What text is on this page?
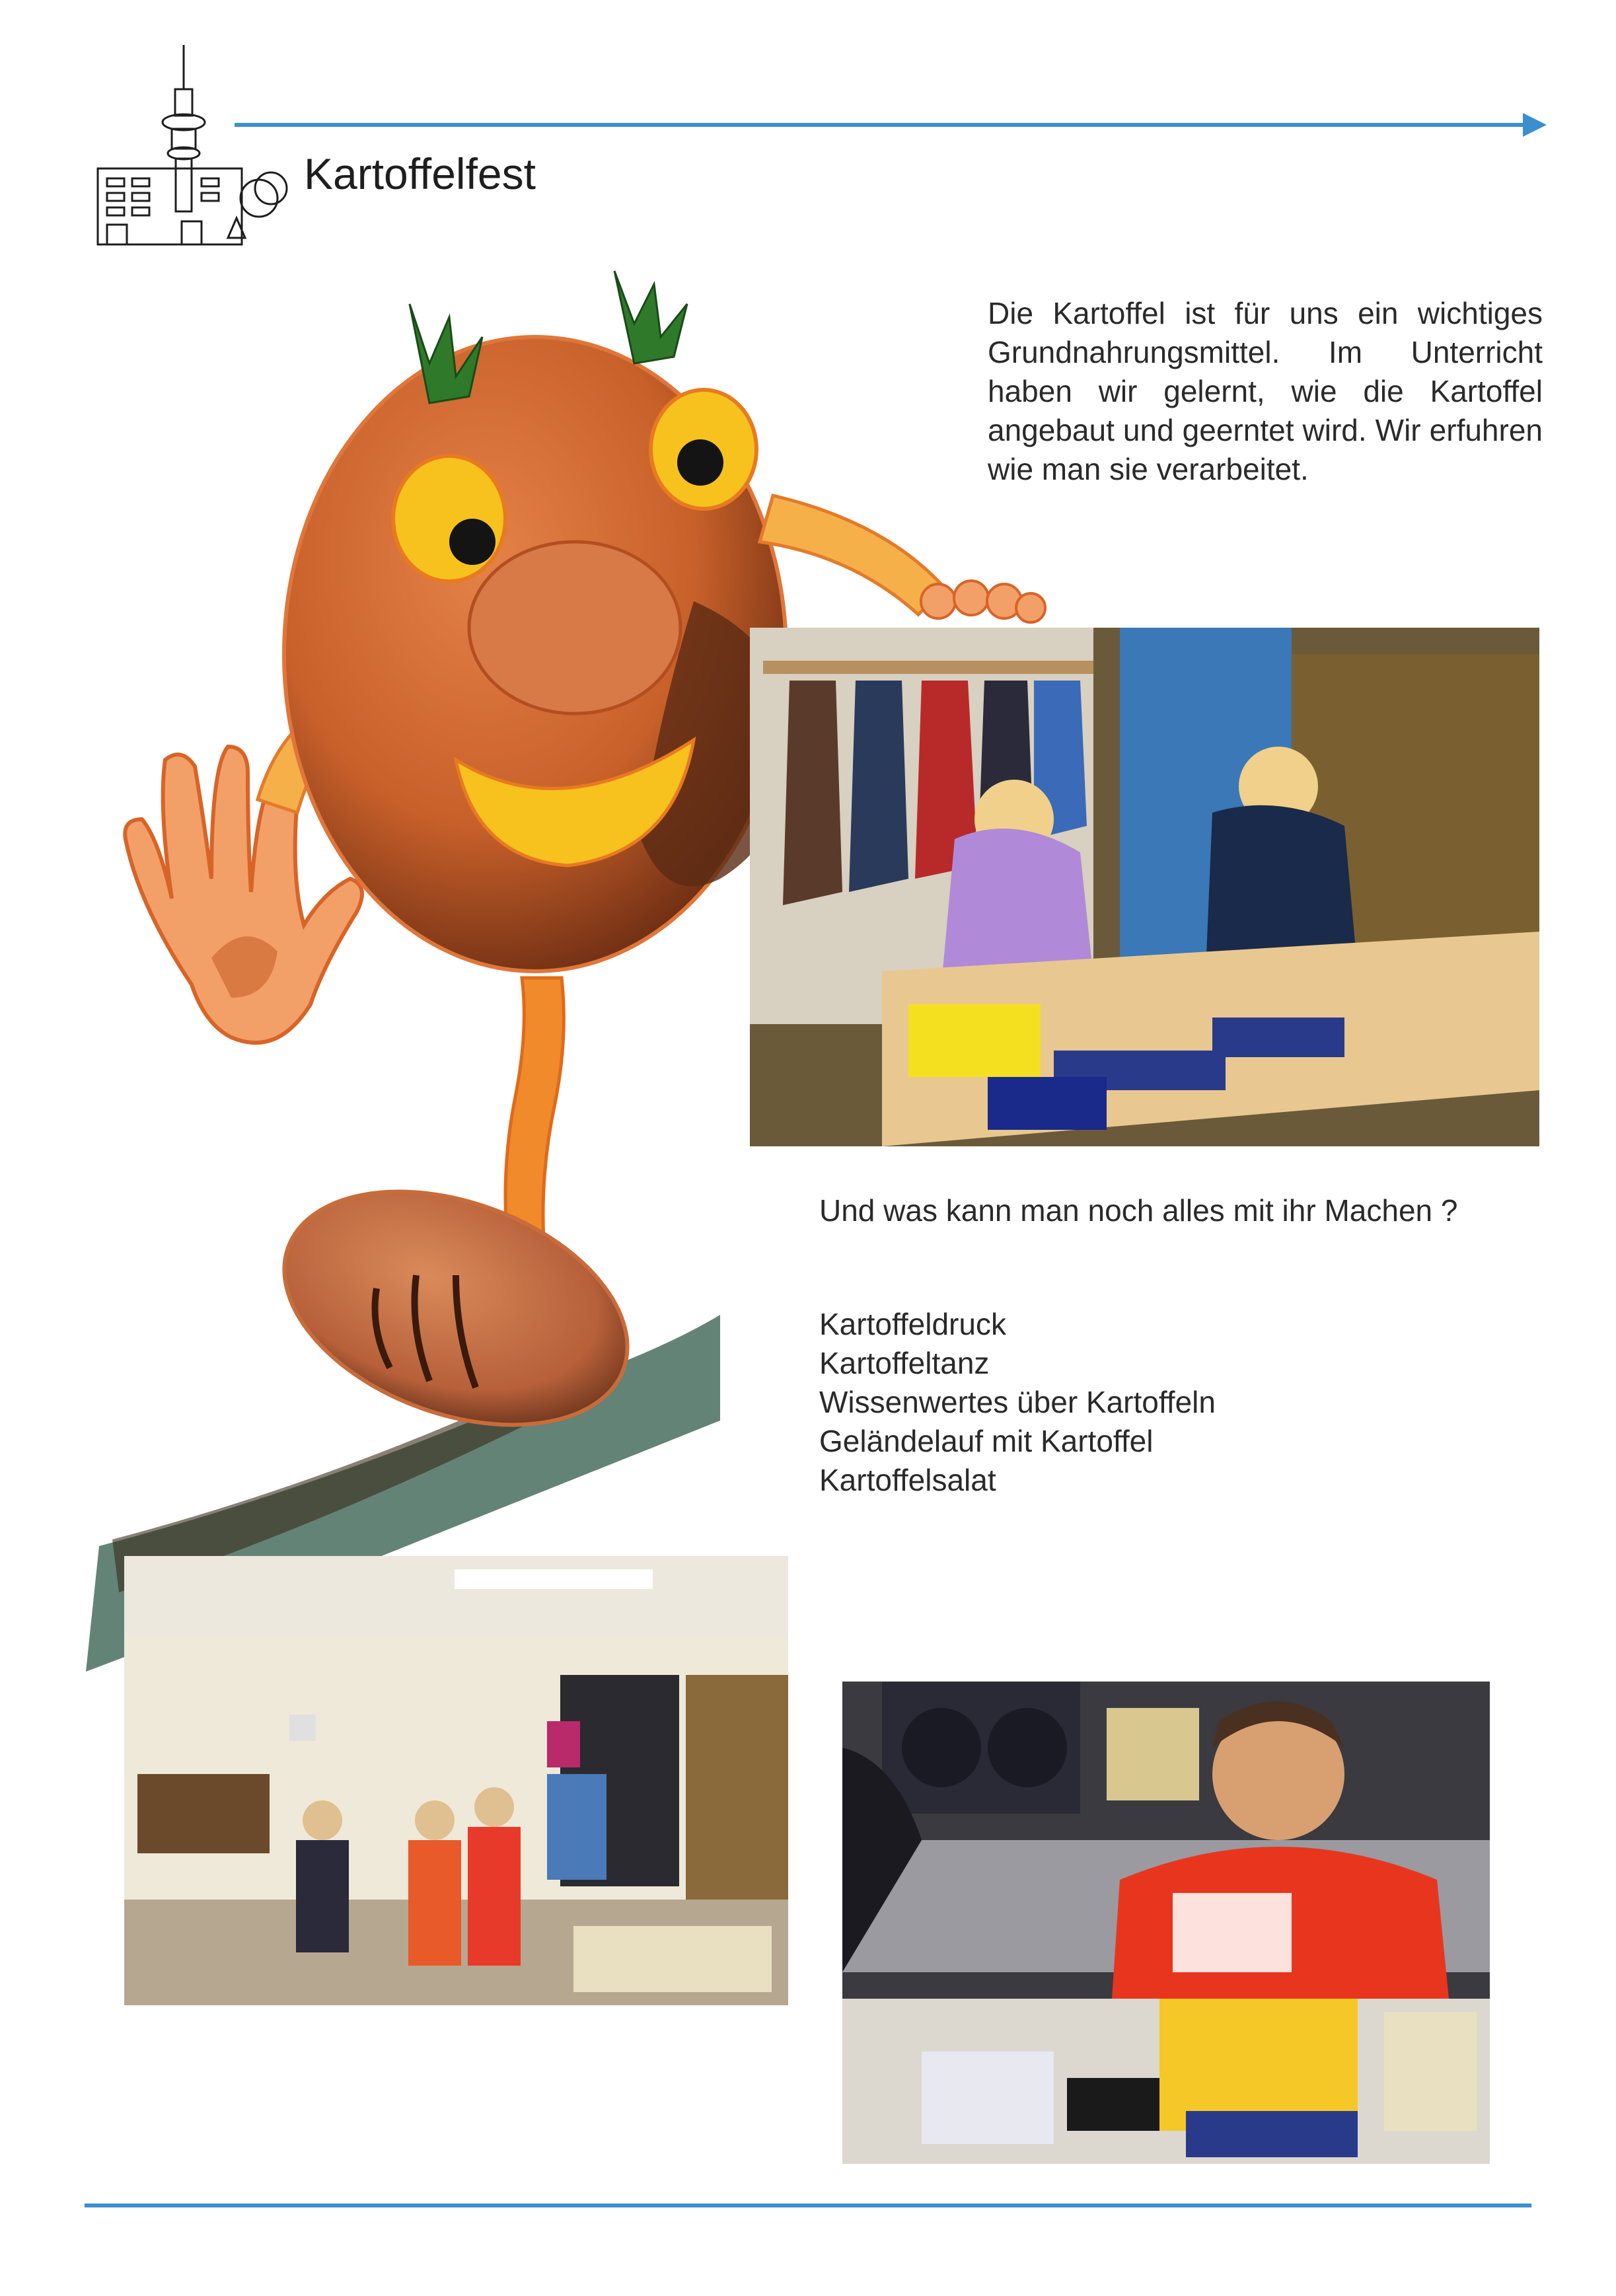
Kartoffelfest
Die Kartoffel ist für uns ein wichtiges Grundnahrungsmittel. Im Unterricht haben wir gelernt, wie die Kartoffel angebaut und geerntet wird. Wir erfuhren wie man sie verarbeitet.
Und was kann man noch alles mit ihr Machen ?
Kartoffeldruck
Kartoffeltanz
Wissenwertes über Kartoffeln
Geländelauf mit Kartoffel
Kartoffelsalat
